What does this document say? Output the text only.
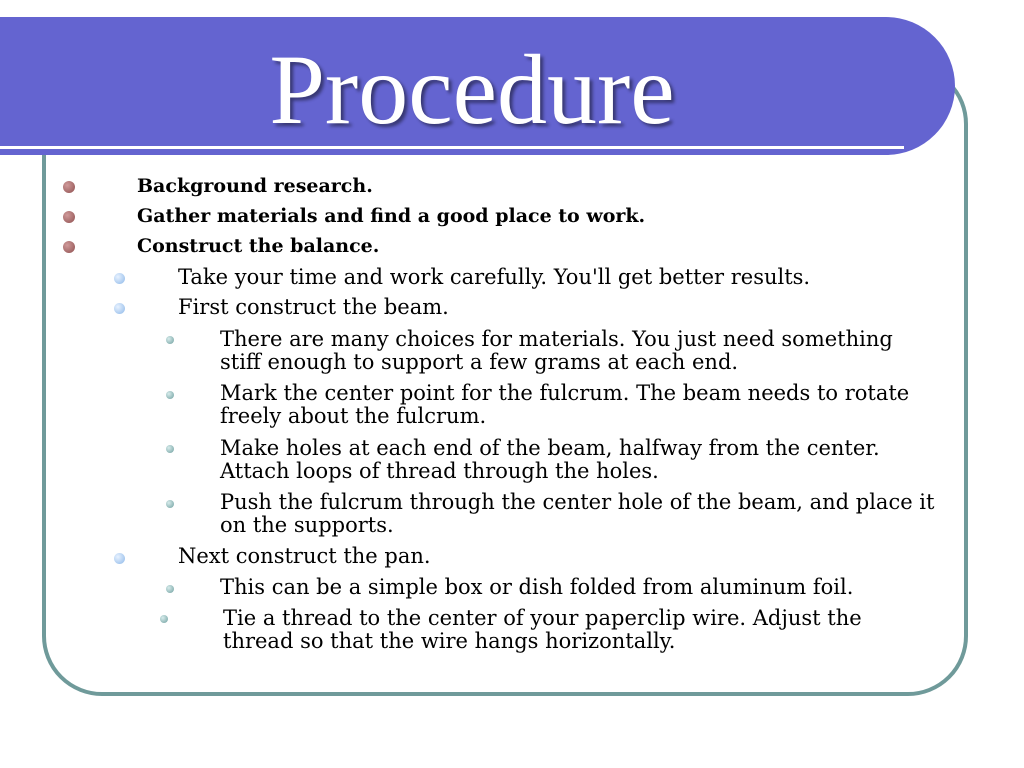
Procedure
Background research.
Gather materials and find a good place to work.
Construct the balance.
Take your time and work carefully. You'll get better results.
First construct the beam.
There are many choices for materials. You just need something
stiff enough to support a few grams at each end.
Mark the center point for the fulcrum. The beam needs to rotate
freely about the fulcrum.
Make holes at each end of the beam, halfway from the center.
Attach loops of thread through the holes.
Push the fulcrum through the center hole of the beam, and place it
on the supports.
Next construct the pan.
This can be a simple box or dish folded from aluminum foil.
Tie a thread to the center of your paperclip wire. Adjust the
thread so that the wire hangs horizontally.
